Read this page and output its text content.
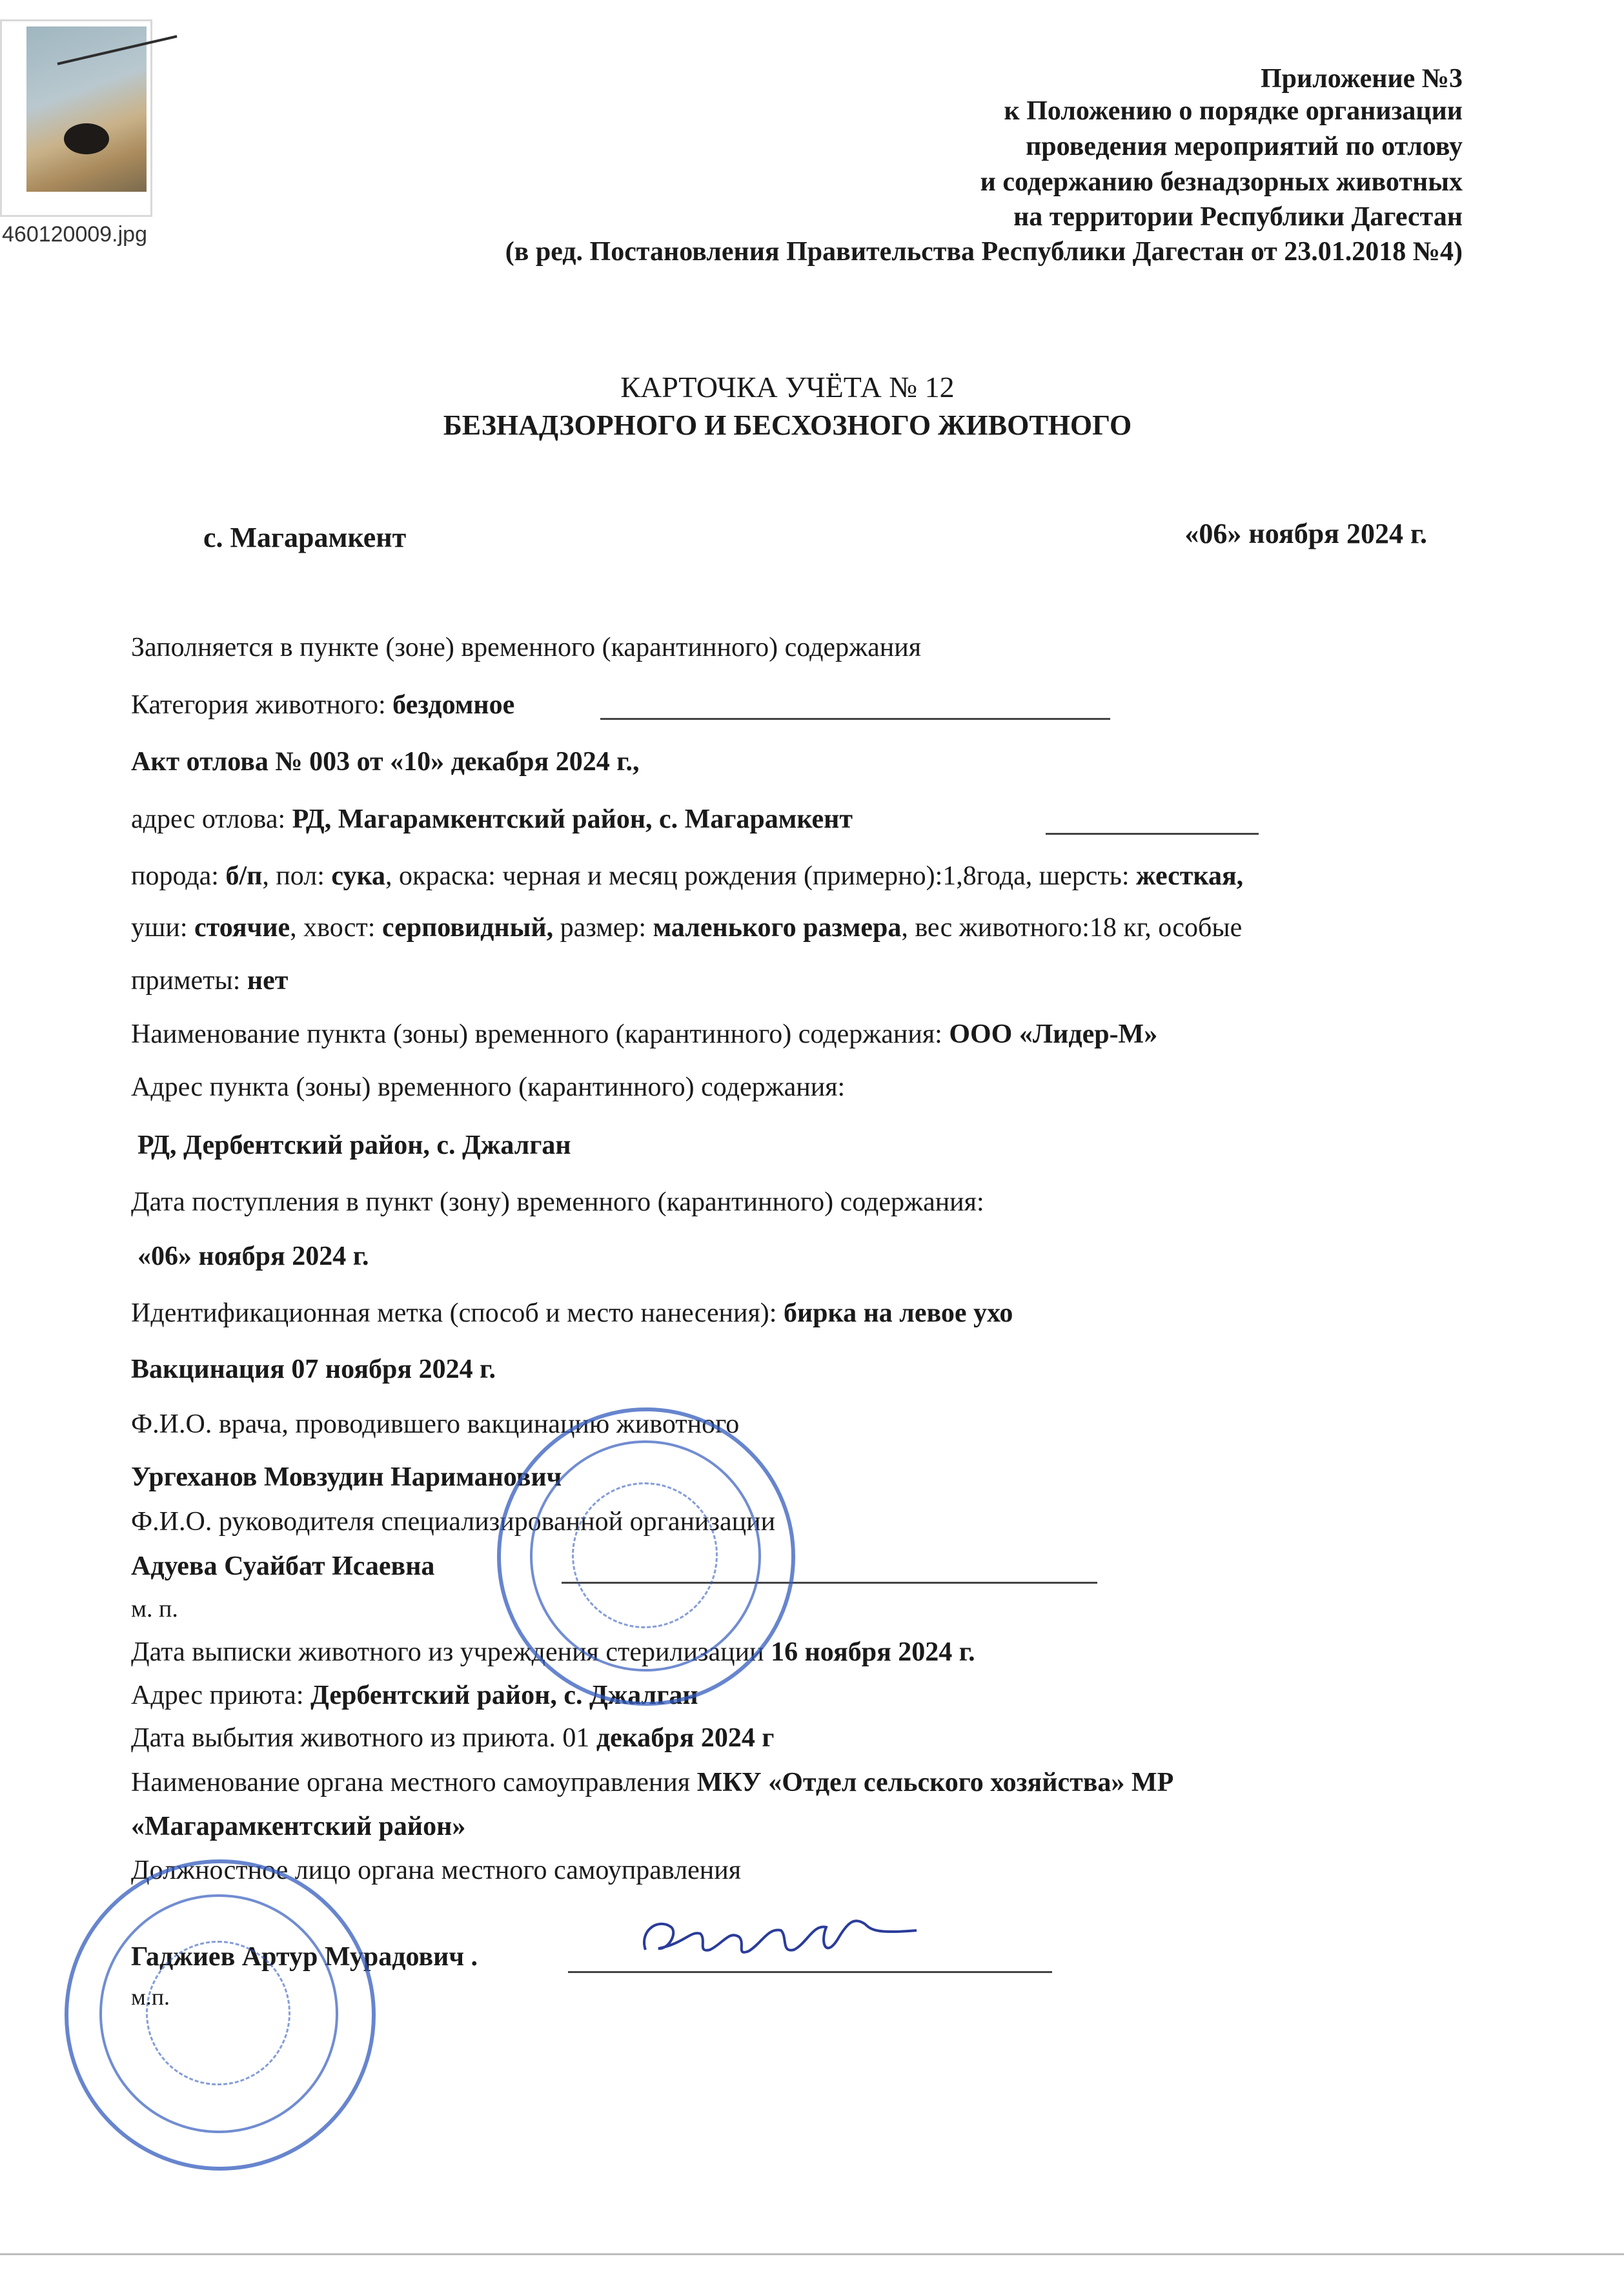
460120009.jpg
Приложение №3
к Положению о порядке организации
проведения мероприятий по отлову
и содержанию безнадзорных животных
на территории Республики Дагестан
(в ред. Постановления Правительства Республики Дагестан от 23.01.2018 №4)
КАРТОЧКА УЧЁТА № 12
БЕЗНАДЗОРНОГО И БЕСХОЗНОГО ЖИВОТНОГО
с. Магарамкент	«06» ноября 2024 г.
Заполняется в пункте (зоне) временного (карантинного) содержания
Категория животного: бездомное
Акт отлова № 003 от «10» декабря 2024 г.,
адрес отлова: РД, Магарамкентский район, с. Магарамкент
порода: б/п, пол: сука, окраска: черная и месяц рождения (примерно):1,8года, шерсть: жесткая,
уши: стоячие, хвост: серповидный, размер: маленького размера, вес животного:18 кг, особые
приметы: нет
Наименование пункта (зоны) временного (карантинного) содержания: ООО «Лидер-М»
Адрес пункта (зоны) временного (карантинного) содержания:
РД, Дербентский район, с. Джалган
Дата поступления в пункт (зону) временного (карантинного) содержания:
«06» ноября 2024 г.
Идентификационная метка (способ и место нанесения): бирка на левое ухо
Вакцинация 07 ноября 2024 г.
Ф.И.О. врача, проводившего вакцинацию животного
Ургеханов Мовзудин Нариманович
Ф.И.О. руководителя специализированной организации
Адуева Суайбат Исаевна
м. п.
Дата выписки животного из учреждения стерилизации 16 ноября 2024 г.
Адрес приюта: Дербентский район, с. Джалган
Дата выбытия животного из приюта. 01 декабря 2024 г
Наименование органа местного самоуправления МКУ «Отдел сельского хозяйства» МР
«Магарамкентский район»
Должностное лицо органа местного самоуправления
Гаджиев Артур Мурадович .
м.п.
